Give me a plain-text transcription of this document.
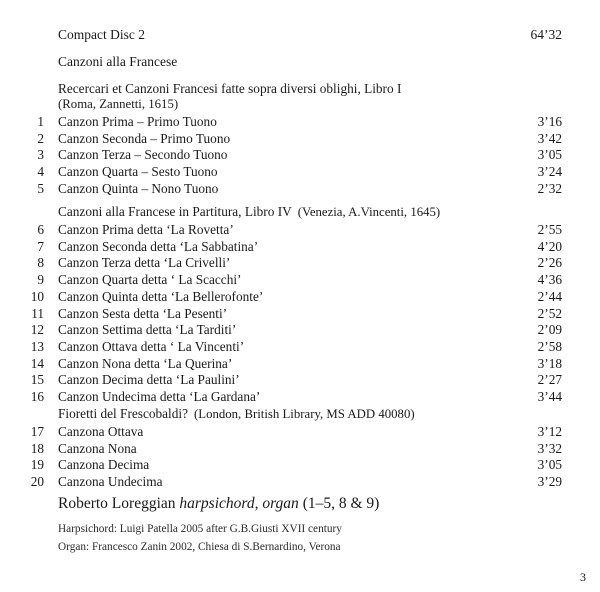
Compact Disc 2	64’32
Canzoni alla Francese
Recercari et Canzoni Francesi fatte sopra diversi oblighi, Libro I
(Roma, Zannetti, 1615)
1 Canzon Prima – Primo Tuono	3’16
2 Canzon Seconda – Primo Tuono	3’42
3 Canzon Terza – Secondo Tuono	3’05
4 Canzon Quarta – Sesto Tuono	3’24
5 Canzon Quinta – Nono Tuono	2’32
Canzoni alla Francese in Partitura, Libro IV (Venezia, A.Vincenti, 1645)
6 Canzon Prima detta ‘La Rovetta’	2’55
7 Canzon Seconda detta ‘La Sabbatina’	4’20
8 Canzon Terza detta ‘La Crivelli’	2’26
9 Canzon Quarta detta ‘ La Scacchi’	4’36
10 Canzon Quinta detta ‘La Bellerofonte’	2’44
11 Canzon Sesta detta ‘La Pesenti’	2’52
12 Canzon Settima detta ‘La Tarditi’	2’09
13 Canzon Ottava detta ‘ La Vincenti’	2’58
14 Canzon Nona detta ‘La Querina’	3’18
15 Canzon Decima detta ‘La Paulini’	2’27
16 Canzon Undecima detta ‘La Gardana’	3’44
Fioretti del Frescobaldi? (London, British Library, MS ADD 40080)
17 Canzona Ottava	3’12
18 Canzona Nona	3’32
19 Canzona Decima	3’05
20 Canzona Undecima	3’29
Roberto Loreggian harpsichord, organ (1–5, 8 & 9)
Harpsichord: Luigi Patella 2005 after G.B.Giusti XVII century
Organ: Francesco Zanin 2002, Chiesa di S.Bernardino, Verona
3
